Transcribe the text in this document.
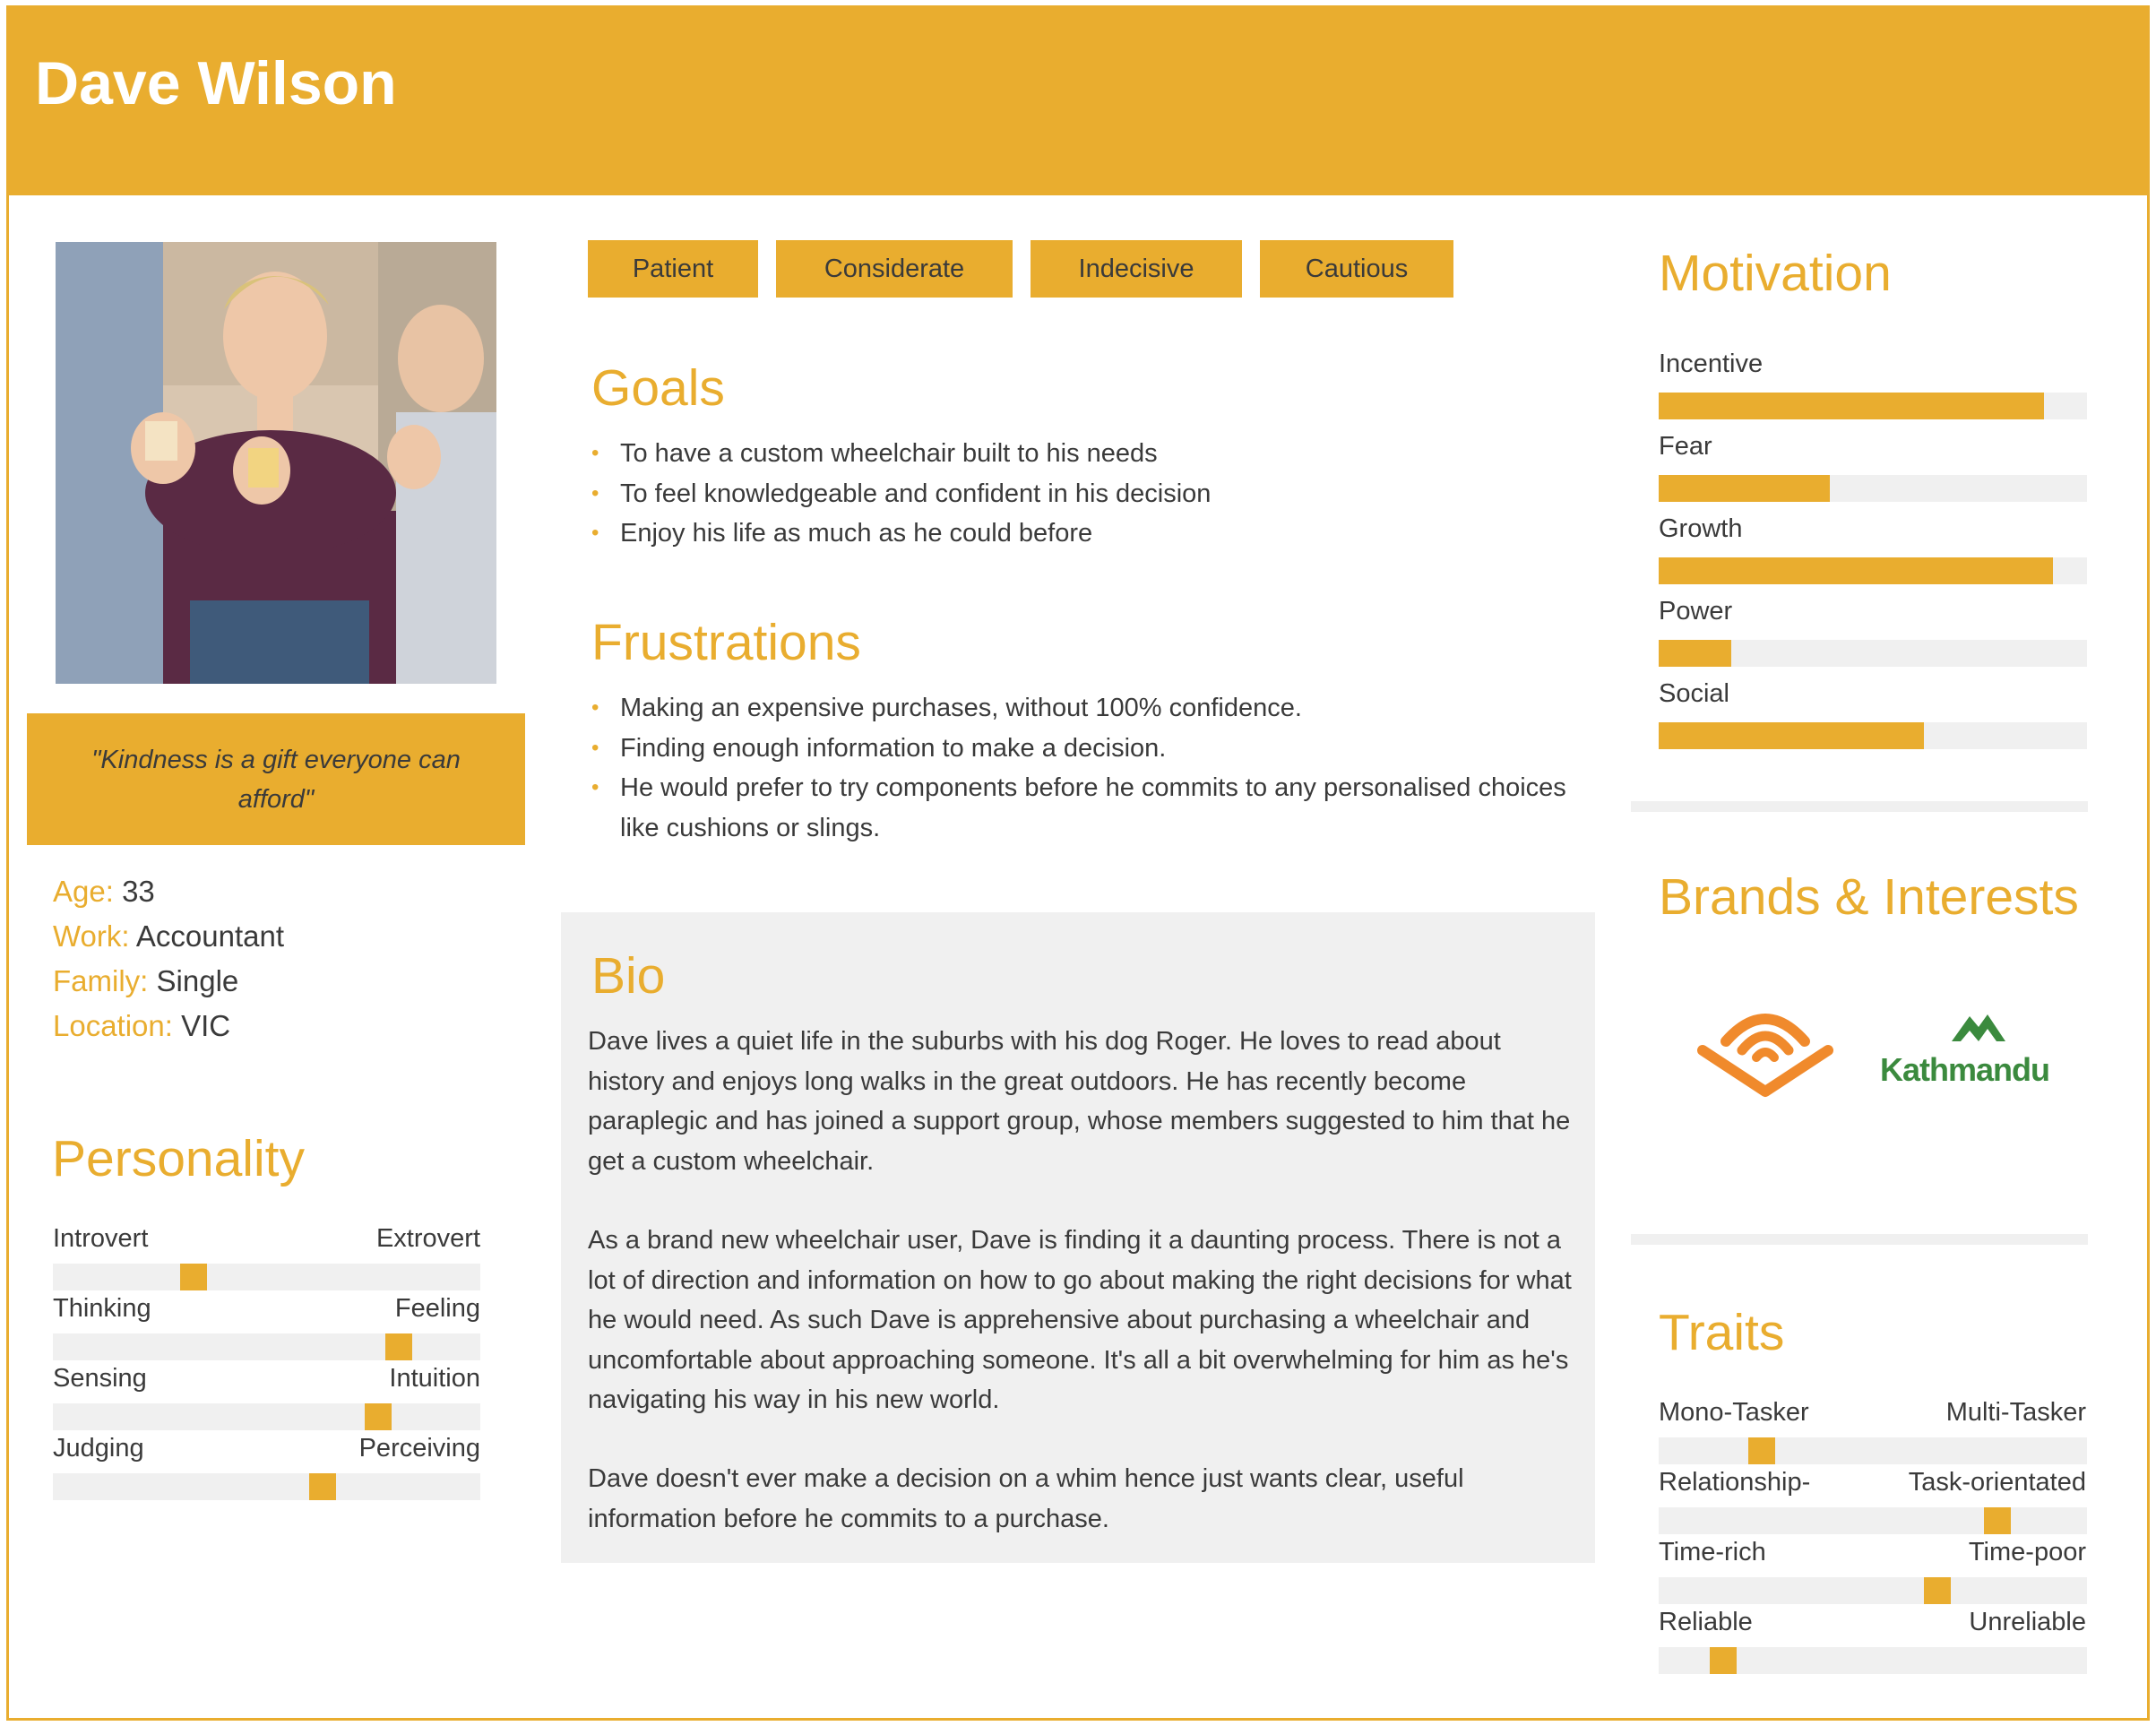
Dave Wilson
"Kindness is a gift everyone can afford"
Age: 33
Work: Accountant
Family: Single
Location: VIC
Personality
Introvert	Extrovert
Thinking	Feeling
Sensing	Intuition
Judging	Perceiving
Patient	Considerate	Indecisive	Cautious
Goals
• To have a custom wheelchair built to his needs
• To feel knowledgeable and confident in his decision
• Enjoy his life as much as he could before
Frustrations
• Making an expensive purchases, without 100% confidence.
• Finding enough information to make a decision.
• He would prefer to try components before he commits to any personalised choices like cushions or slings.
Bio
Dave lives a quiet life in the suburbs with his dog Roger. He loves to read about history and enjoys long walks in the great outdoors. He has recently become paraplegic and has joined a support group, whose members suggested to him that he get a custom wheelchair.
As a brand new wheelchair user, Dave is finding it a daunting process. There is not a lot of direction and information on how to go about making the right decisions for what he would need. As such Dave is apprehensive about purchasing a wheelchair and uncomfortable about approaching someone. It's all a bit overwhelming for him as he's navigating his way in his new world.
Dave doesn't ever make a decision on a whim hence just wants clear, useful information before he commits to a purchase.
Motivation
Incentive
Fear
Growth
Power
Social
Brands & Interests
Kathmandu
Traits
Mono-Tasker	Multi-Tasker
Relationship-	Task-orientated
Time-rich	Time-poor
Reliable	Unreliable
